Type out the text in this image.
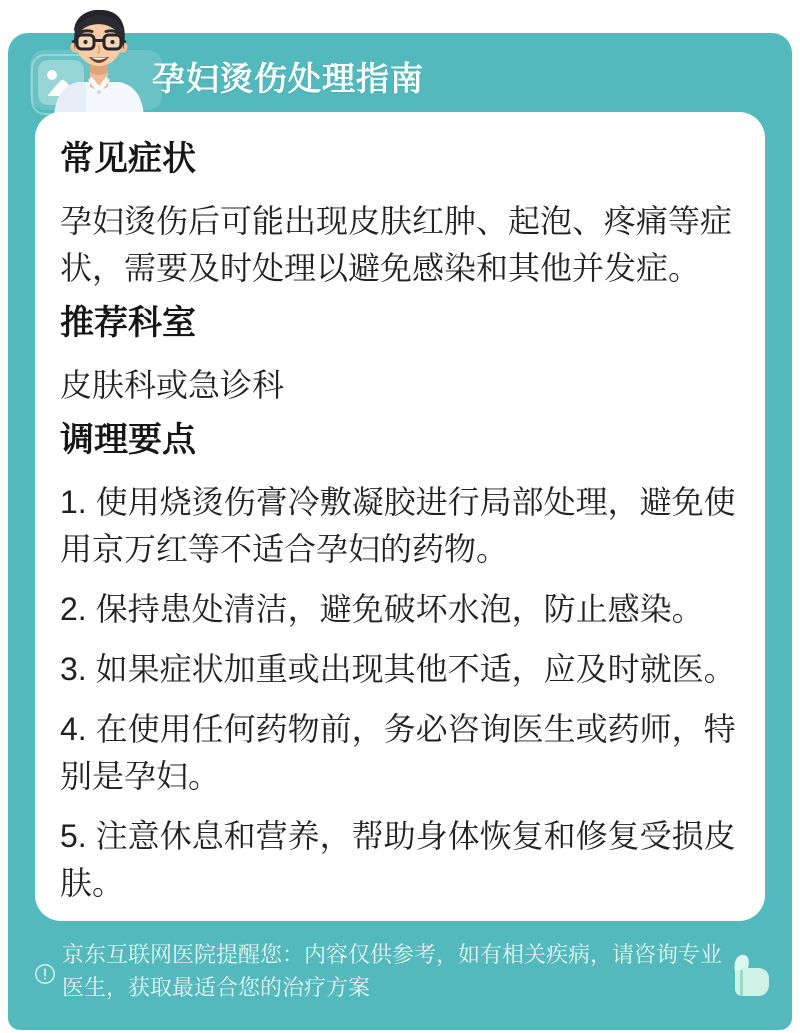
孕妇烫伤处理指南
常见症状

孕妇烫伤后可能出现皮肤红肿、起泡、疼痛等症状，需要及时处理以避免感染和其他并发症。

推荐科室

皮肤科或急诊科

调理要点

1. 使用烧烫伤膏冷敷凝胶进行局部处理，避免使用京万红等不适合孕妇的药物。

2. 保持患处清洁，避免破坏水泡，防止感染。

3. 如果症状加重或出现其他不适，应及时就医。

4. 在使用任何药物前，务必咨询医生或药师，特别是孕妇。

5. 注意休息和营养，帮助身体恢复和修复受损皮肤。

京东互联网医院提醒您：内容仅供参考，如有相关疾病，请咨询专业医生，获取最适合您的治疗方案
